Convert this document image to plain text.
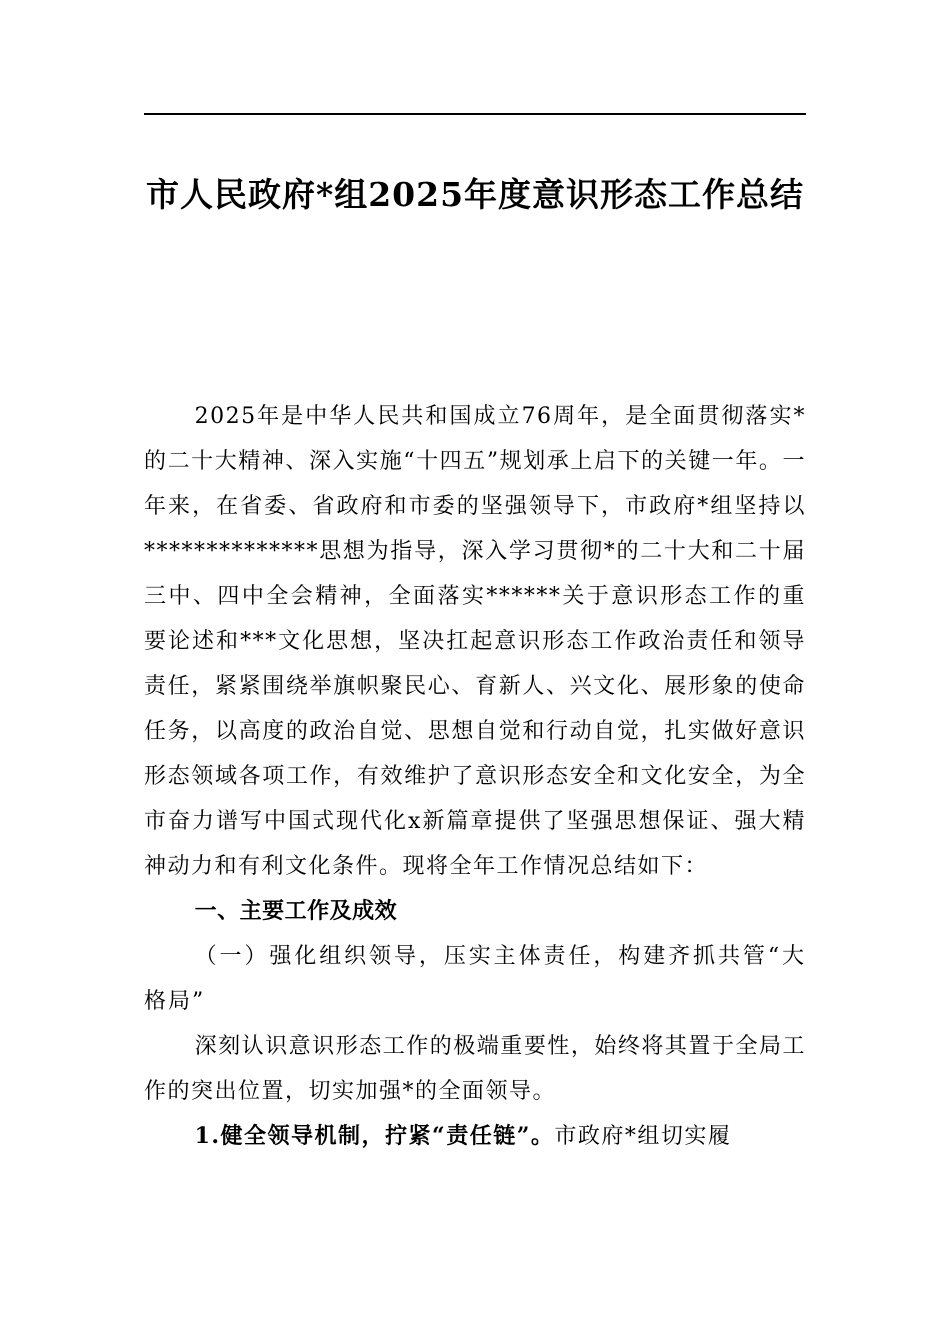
市人民政府*组2025年度意识形态工作总结

2025年是中华人民共和国成立76周年，是全面贯彻落实*的二十大精神、深入实施“十四五”规划承上启下的关键一年。一年来，在省委、省政府和市委的坚强领导下，市政府*组坚持以**************思想为指导，深入学习贯彻*的二十大和二十届三中、四中全会精神，全面落实******关于意识形态工作的重要论述和***文化思想，坚决扛起意识形态工作政治责任和领导责任，紧紧围绕举旗帜聚民心、育新人、兴文化、展形象的使命任务，以高度的政治自觉、思想自觉和行动自觉，扎实做好意识形态领域各项工作，有效维护了意识形态安全和文化安全，为全市奋力谱写中国式现代化x新篇章提供了坚强思想保证、强大精神动力和有利文化条件。现将全年工作情况总结如下：

一、主要工作及成效

（一）强化组织领导，压实主体责任，构建齐抓共管“大格局”

深刻认识意识形态工作的极端重要性，始终将其置于全局工作的突出位置，切实加强*的全面领导。

1.健全领导机制，拧紧“责任链”。市政府*组切实履
